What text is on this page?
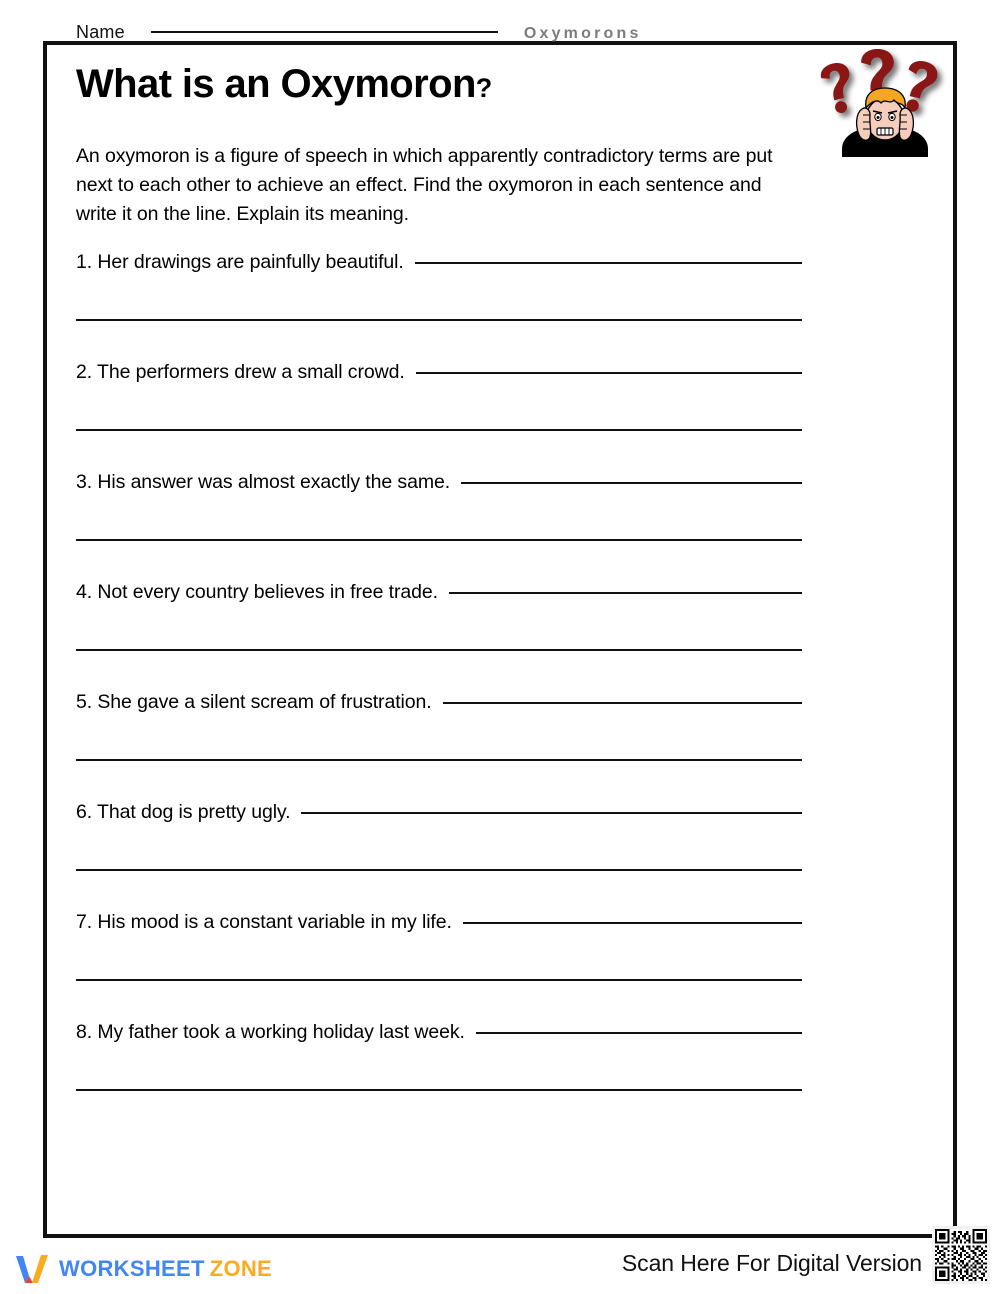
Name	Oxymorons
What is an Oxymoron?
An oxymoron is a figure of speech in which apparently contradictory terms are put next to each other to achieve an effect. Find the oxymoron in each sentence and write it on the line. Explain its meaning.
1. Her drawings are painfully beautiful.
2. The performers drew a small crowd.
3. His answer was almost exactly the same.
4. Not every country believes in free trade.
5. She gave a silent scream of frustration.
6. That dog is pretty ugly.
7. His mood is a constant variable in my life.
8. My father took a working holiday last week.
WORKSHEET ZONE	Scan Here For Digital Version
